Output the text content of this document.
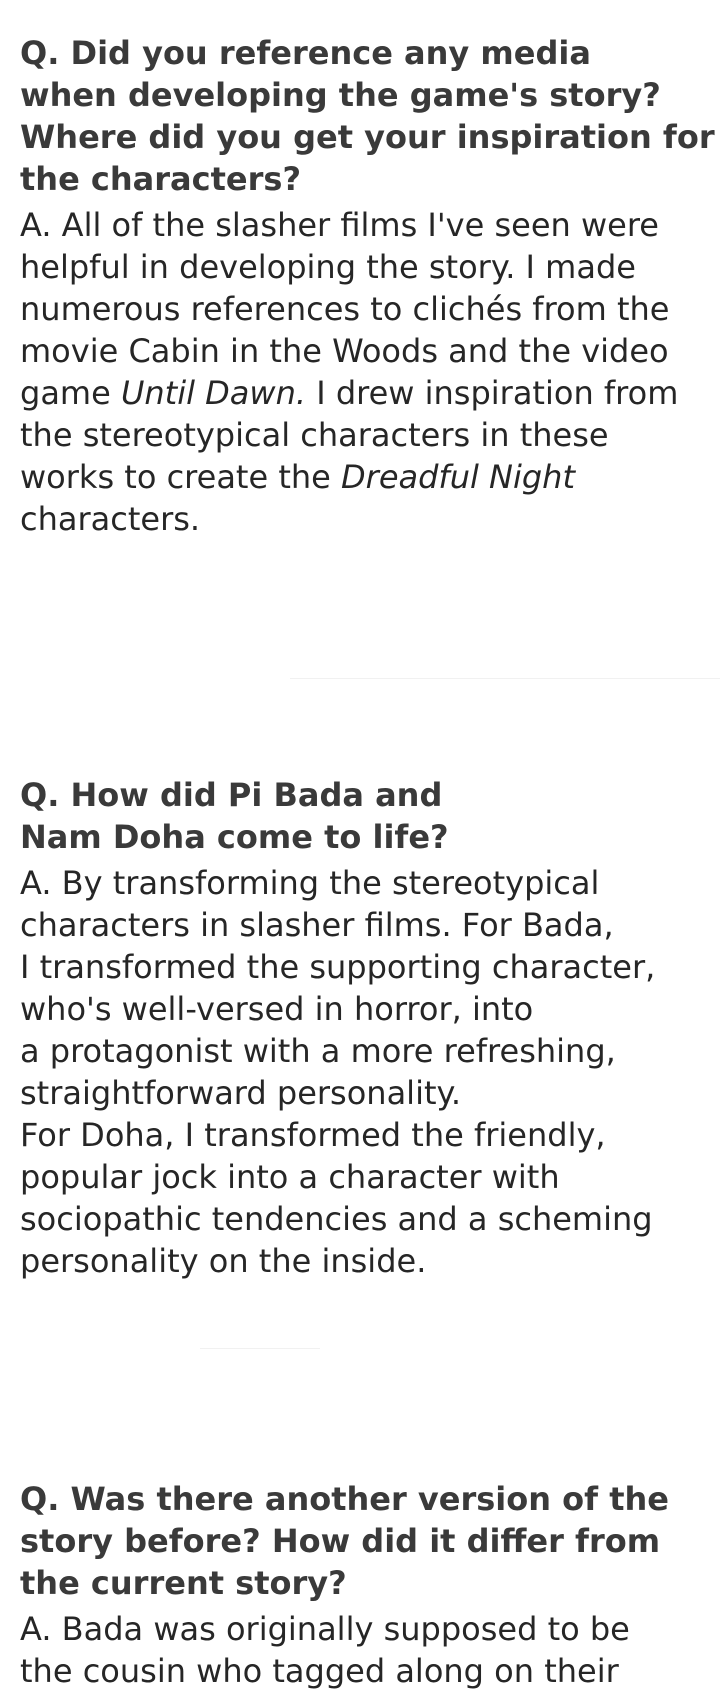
Q. Did you reference any media
when developing the game's story?
Where did you get your inspiration for
the characters?
A. All of the slasher films I've seen were
helpful in developing the story. I made
numerous references to clichés from the
movie Cabin in the Woods and the video
game Until Dawn. I drew inspiration from
the stereotypical characters in these
works to create the Dreadful Night
characters.
Q. How did Pi Bada and
Nam Doha come to life?
A. By transforming the stereotypical
characters in slasher films. For Bada,
I transformed the supporting character,
who's well-versed in horror, into
a protagonist with a more refreshing,
straightforward personality.
For Doha, I transformed the friendly,
popular jock into a character with
sociopathic tendencies and a scheming
personality on the inside.
Q. Was there another version of the
story before? How did it differ from
the current story?
A. Bada was originally supposed to be
the cousin who tagged along on their
